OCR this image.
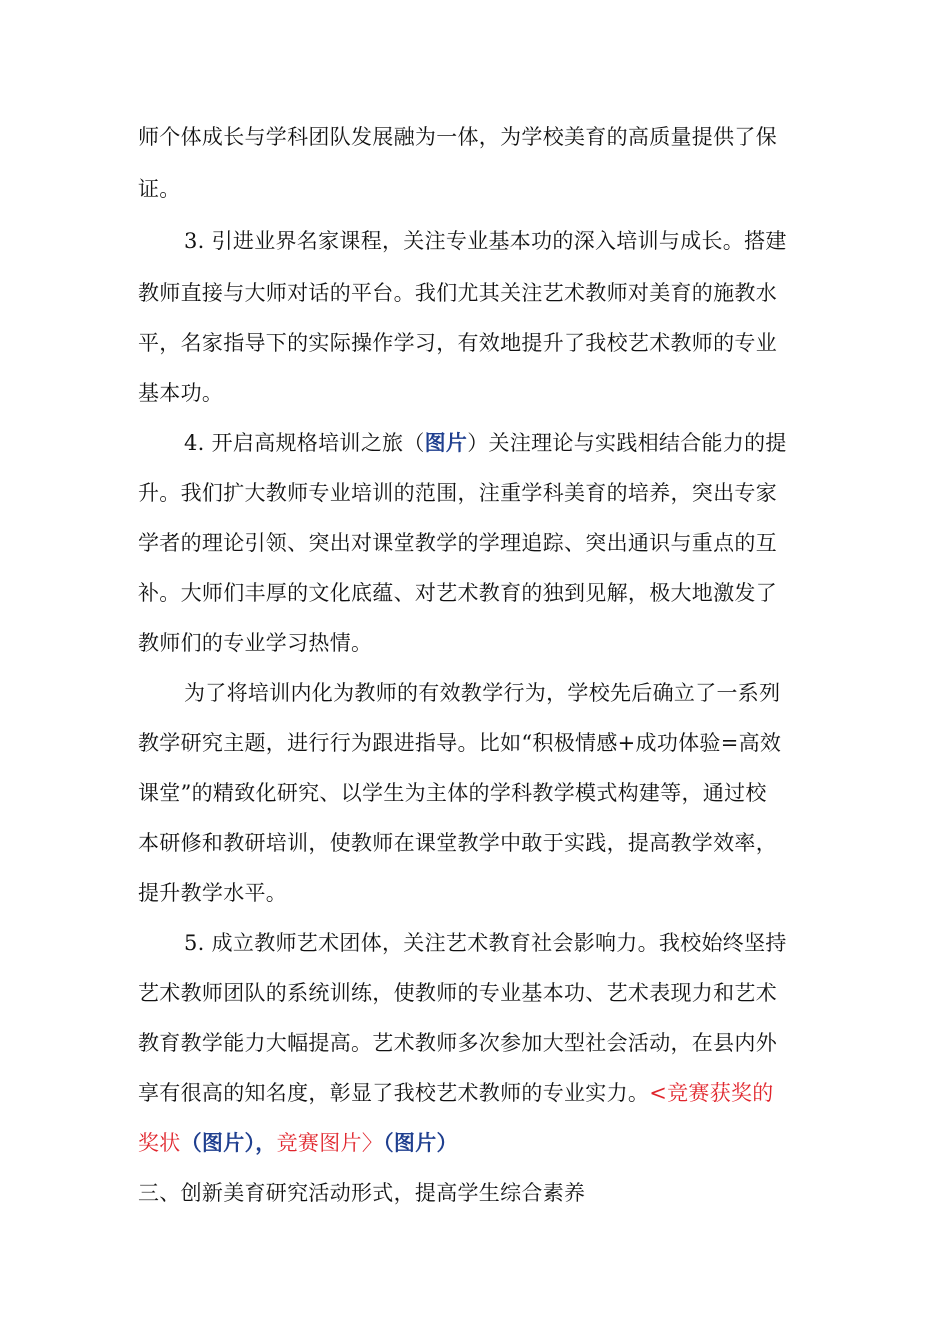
师个体成长与学科团队发展融为一体，为学校美育的高质量提供了保
证。
3. 引进业界名家课程，关注专业基本功的深入培训与成长。搭建
教师直接与大师对话的平台。我们尤其关注艺术教师对美育的施教水
平，名家指导下的实际操作学习，有效地提升了我校艺术教师的专业
基本功。
4. 开启高规格培训之旅（图片）关注理论与实践相结合能力的提
升。我们扩大教师专业培训的范围，注重学科美育的培养，突出专家
学者的理论引领、突出对课堂教学的学理追踪、突出通识与重点的互
补。大师们丰厚的文化底蕴、对艺术教育的独到见解，极大地激发了
教师们的专业学习热情。
为了将培训内化为教师的有效教学行为，学校先后确立了一系列
教学研究主题，进行行为跟进指导。比如“积极情感+成功体验=高效
课堂”的精致化研究、以学生为主体的学科教学模式构建等，通过校
本研修和教研培训，使教师在课堂教学中敢于实践，提高教学效率，
提升教学水平。
5. 成立教师艺术团体，关注艺术教育社会影响力。我校始终坚持
艺术教师团队的系统训练，使教师的专业基本功、艺术表现力和艺术
教育教学能力大幅提高。艺术教师多次参加大型社会活动，在县内外
享有很高的知名度，彰显了我校艺术教师的专业实力。<竞赛获奖的
奖状（图片），竞赛图片〉（图片）
三、创新美育研究活动形式，提高学生综合素养
